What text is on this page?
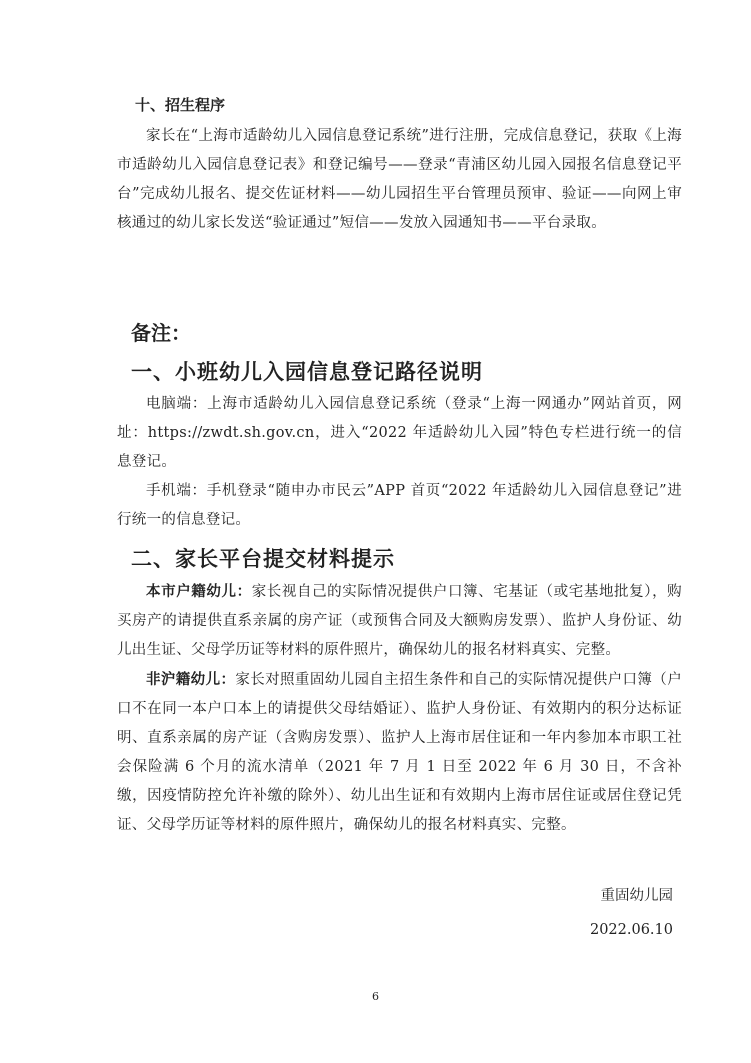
十、招生程序

家长在“上海市适龄幼儿入园信息登记系统”进行注册，完成信息登记，获取《上海市适龄幼儿入园信息登记表》和登记编号——登录“青浦区幼儿园入园报名信息登记平台”完成幼儿报名、提交佐证材料——幼儿园招生平台管理员预审、验证——向网上审核通过的幼儿家长发送“验证通过”短信——发放入园通知书——平台录取。

备注：

一、小班幼儿入园信息登记路径说明

电脑端：上海市适龄幼儿入园信息登记系统（登录“上海一网通办”网站首页，网址：https://zwdt.sh.gov.cn，进入“2022 年适龄幼儿入园”特色专栏进行统一的信息登记。

手机端：手机登录“随申办市民云”APP 首页“2022 年适龄幼儿入园信息登记”进行统一的信息登记。

二、家长平台提交材料提示

本市户籍幼儿：家长视自己的实际情况提供户口簿、宅基证（或宅基地批复），购买房产的请提供直系亲属的房产证（或预售合同及大额购房发票）、监护人身份证、幼儿出生证、父母学历证等材料的原件照片，确保幼儿的报名材料真实、完整。

非沪籍幼儿：家长对照重固幼儿园自主招生条件和自己的实际情况提供户口簿（户口不在同一本户口本上的请提供父母结婚证）、监护人身份证、有效期内的积分达标证明、直系亲属的房产证（含购房发票）、监护人上海市居住证和一年内参加本市职工社会保险满 6 个月的流水清单（2021 年 7 月 1 日至 2022 年 6 月 30 日，不含补缴，因疫情防控允许补缴的除外）、幼儿出生证和有效期内上海市居住证或居住登记凭证、父母学历证等材料的原件照片，确保幼儿的报名材料真实、完整。

重固幼儿园
2022.06.10
6
